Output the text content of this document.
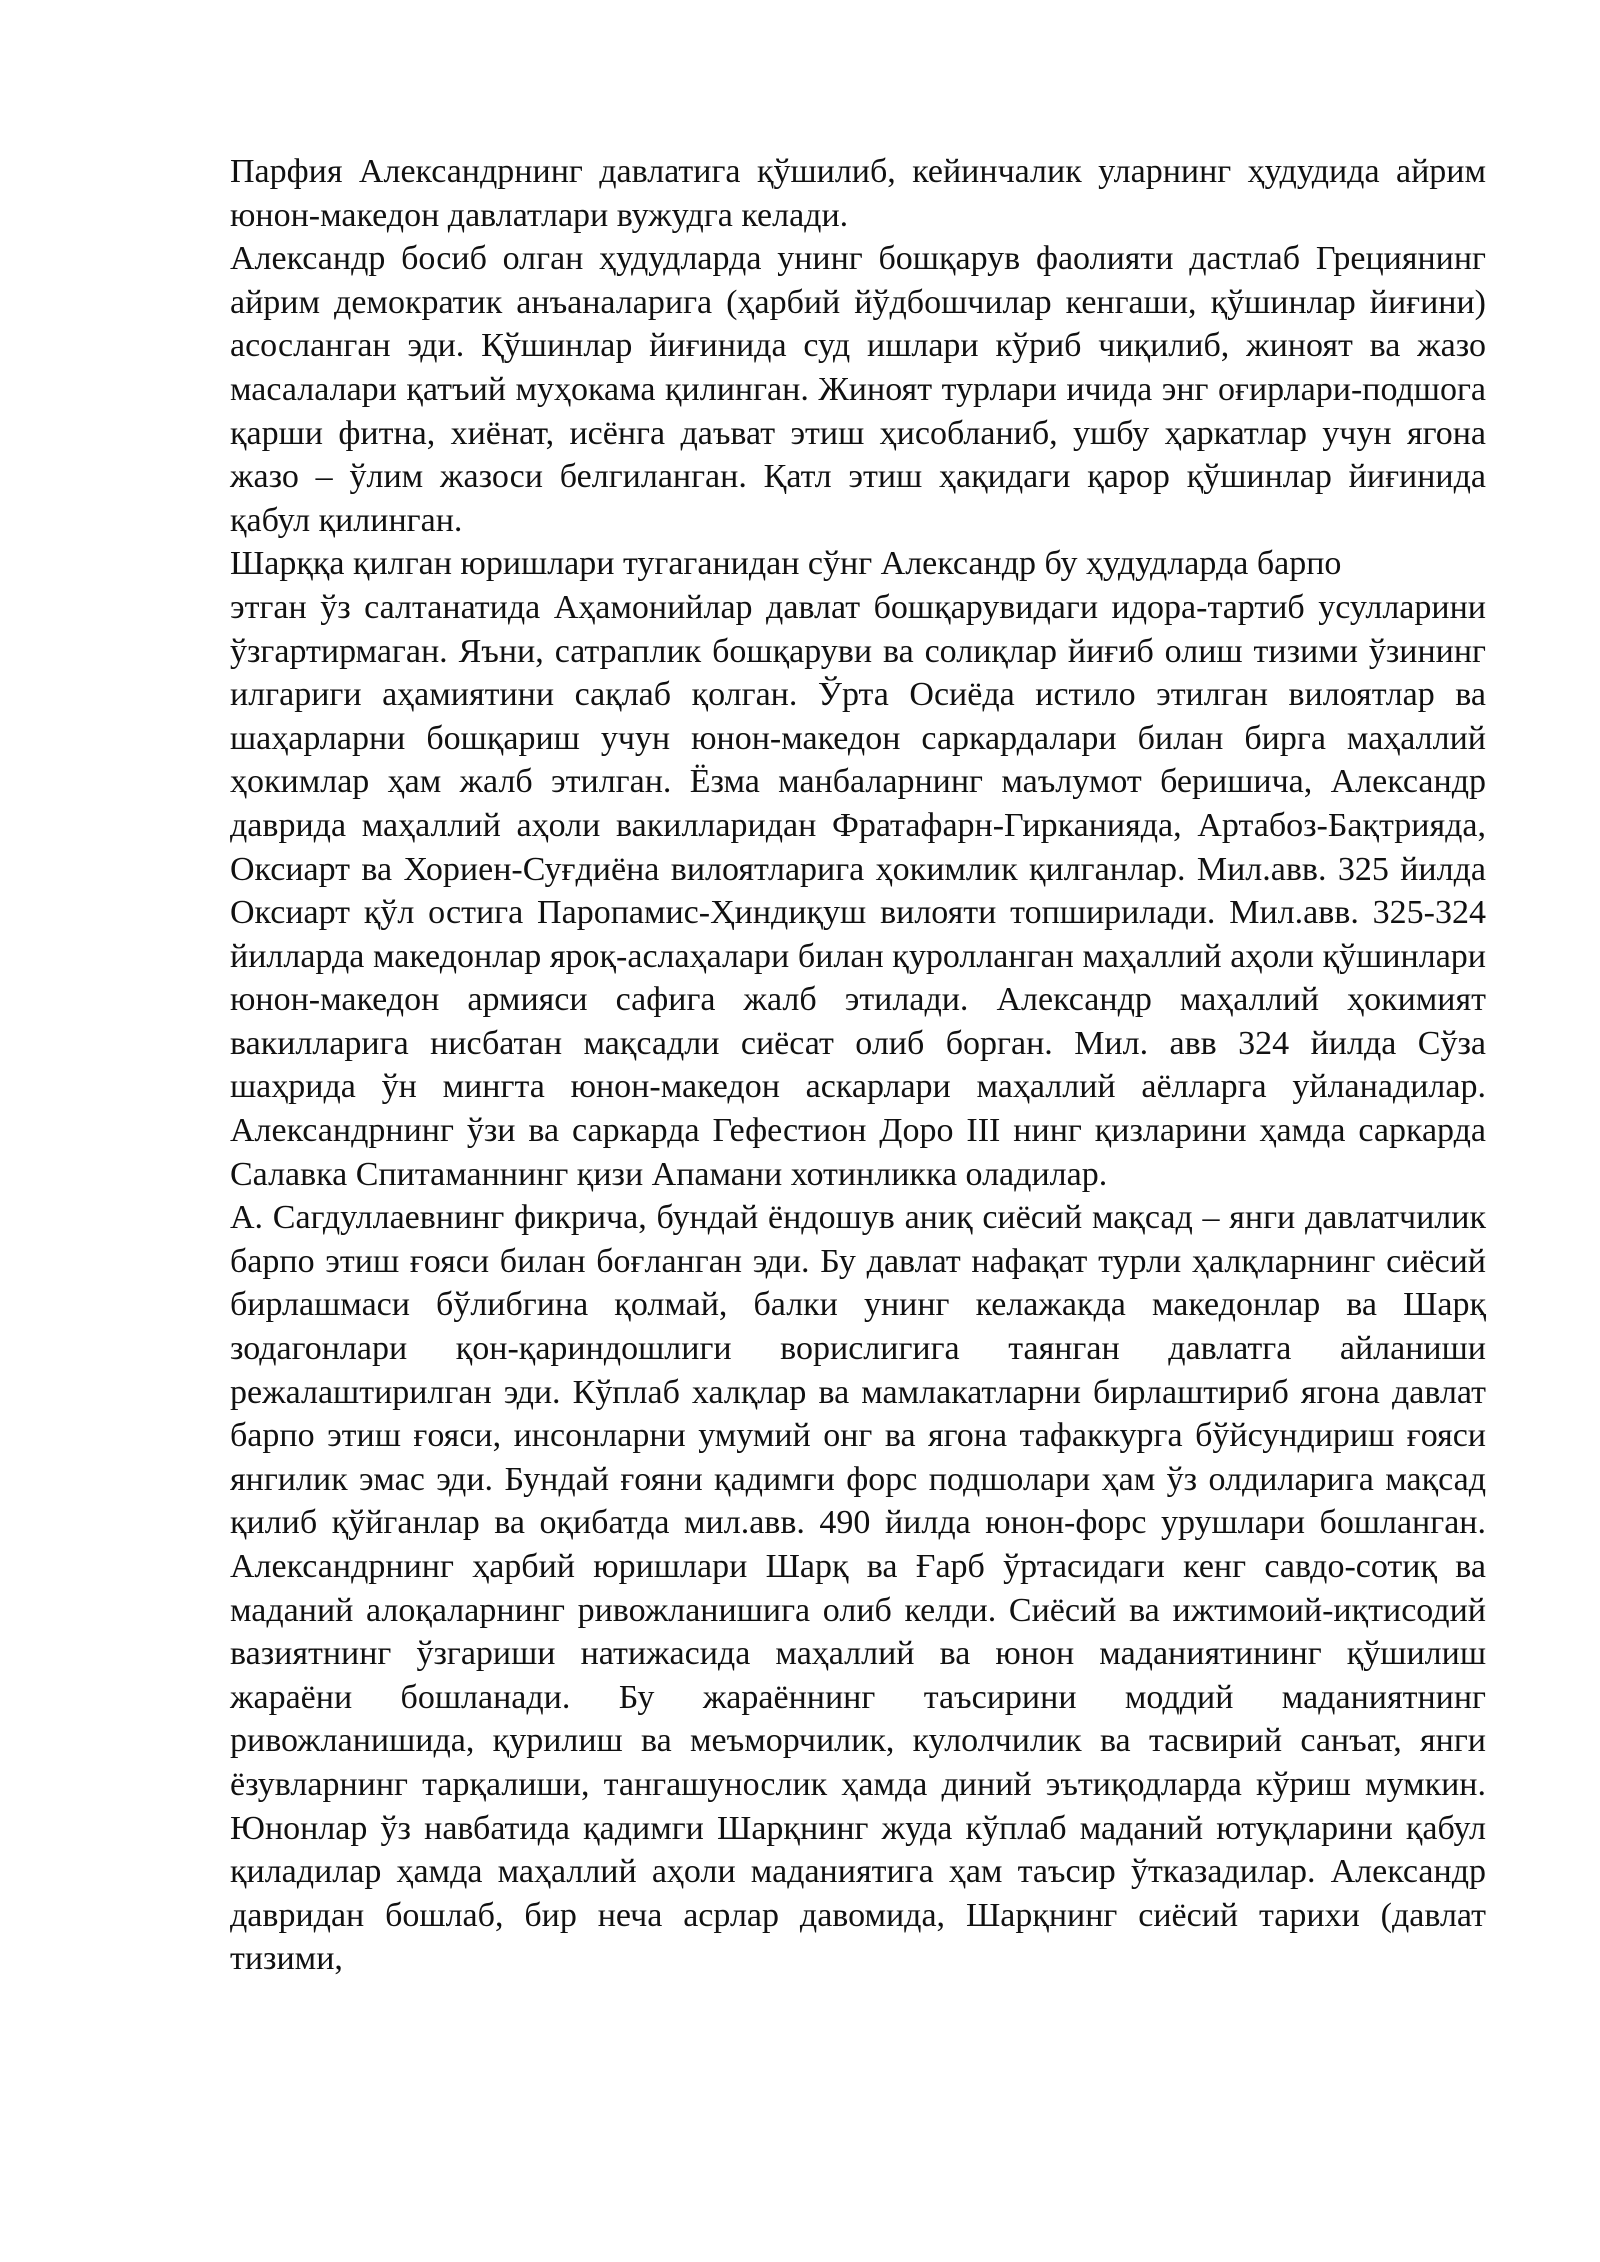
Парфия Александрнинг давлатига қўшилиб, кейинчалик уларнинг ҳудудида айрим юнон-македон давлатлари вужудга келади.

Александр босиб олган ҳудудларда унинг бошқарув фаолияти дастлаб Грециянинг айрим демократик анъаналарига (ҳарбий йўдбошчилар кенгаши, қўшинлар йиғини) асосланган эди. Қўшинлар йиғинида суд ишлари кўриб чиқилиб, жиноят ва жазо масалалари қатъий муҳокама қилинган. Жиноят турлари ичида энг оғирлари-подшога қарши фитна, хиёнат, исёнга даъват этиш ҳисобланиб, ушбу ҳаркатлар учун ягона жазо – ўлим жазоси белгиланган. Қатл этиш ҳақидаги қарор қўшинлар йиғинида қабул қилинган.

Шарққа қилган юришлари тугаганидан сўнг Александр бу ҳудудларда барпо

этган ўз салтанатида Аҳамонийлар давлат бошқарувидаги идора-тартиб усулларини ўзгартирмаган. Яъни, сатраплик бошқаруви ва солиқлар йиғиб олиш тизими ўзининг илгариги аҳамиятини сақлаб қолган. Ўрта Осиёда истило этилган вилоятлар ва шаҳарларни бошқариш учун юнон-македон саркардалари билан бирга маҳаллий ҳокимлар ҳам жалб этилган. Ёзма манбаларнинг маълумот беришича, Александр даврида маҳаллий аҳоли вакилларидан Фратафарн-Гирканияда, Артабоз-Бақтрияда, Оксиарт ва Хориен-Суғдиёна вилоятларига ҳокимлик қилганлар. Мил.авв. 325 йилда Оксиарт қўл остига Паропамис-Ҳиндиқуш вилояти топширилади. Мил.авв. 325-324 йилларда македонлар ярoқ-аслаҳалари билан қуролланган маҳаллий аҳоли қўшинлари юнон-македон армияси сафига жалб этилади. Александр маҳаллий ҳокимият вакилларига нисбатан мақсадли сиёсат олиб борган. Мил. авв 324 йилда Сўза шаҳрида ўн мингта юнон-македон аскарлари маҳаллий аёлларга уйланадилар. Александрнинг ўзи ва саркарда Гефестион Доро III нинг қизларини ҳамда саркарда Салавка Спитаманнинг қизи Апамани хотинликка оладилар.

А. Сагдуллаевнинг фикрича, бундай ёндошув аниқ сиёсий мақсад – янги давлатчилик барпо этиш ғояси билан боғланган эди. Бу давлат нафақат турли ҳалқларнинг сиёсий бирлашмаси бўлибгина қолмай, балки унинг келажакда македонлар ва Шарқ зодагонлари қон-қариндошлиги ворислигига таянган давлатга айланиши режалаштирилган эди. Кўплаб халқлар ва мамлакатларни бирлаштириб ягона давлат барпо этиш ғояси, инсонларни умумий онг ва ягона тафаккурга бўйсундириш ғояси янгилик эмас эди. Бундай ғояни қадимги форс подшолари ҳам ўз олдиларига мақсад қилиб қўйганлар ва оқибатда мил.авв. 490 йилда юнон-форс урушлари бошланган. Александрнинг ҳарбий юришлари Шарқ ва Ғарб ўртасидаги кенг савдо-сотиқ ва маданий алоқаларнинг ривожланишига олиб келди. Сиёсий ва ижтимоий-иқтисодий вазиятнинг ўзгариши натижасида маҳаллий ва юнон маданиятининг қўшилиш жараёни бошланади. Бу жараённинг таъсирини моддий маданиятнинг ривожланишида, қурилиш ва меъморчилик, кулолчилик ва тасвирий санъат, янги ёзувларнинг тарқалиши, тангашунослик ҳамда диний эътиқодларда кўриш мумкин. Юнонлар ўз навбатида қадимги Шарқнинг жуда кўплаб маданий ютуқларини қабул қиладилар ҳамда маҳаллий аҳоли маданиятига ҳам таъсир ўтказадилар. Александр давридан бошлаб, бир неча асрлар давомида, Шарқнинг сиёсий тарихи (давлат тизими,
